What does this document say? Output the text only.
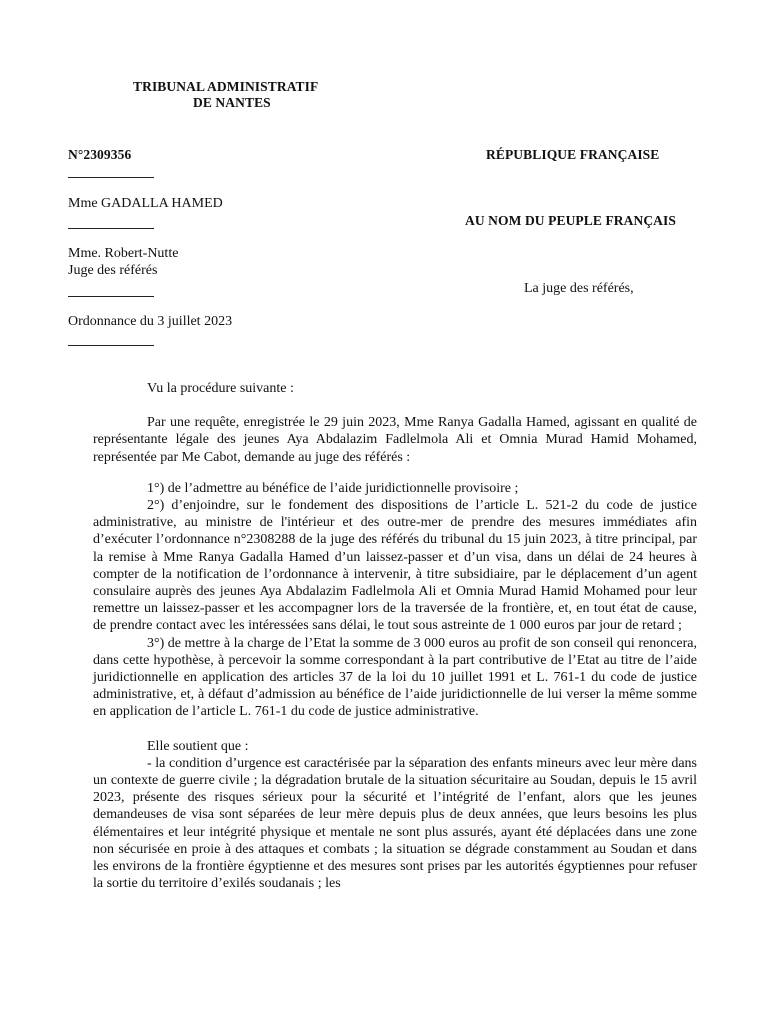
TRIBUNAL ADMINISTRATIF
DE NANTES
N°2309356	RÉPUBLIQUE FRANÇAISE
Mme GADALLA HAMED
AU NOM DU PEUPLE FRANÇAIS
Mme. Robert-Nutte
Juge des référés
La juge des référés,
Ordonnance du 3 juillet 2023

Vu la procédure suivante :

Par une requête, enregistrée le 29 juin 2023, Mme Ranya Gadalla Hamed, agissant en qualité de représentante légale des jeunes Aya Abdalazim Fadlelmola Ali et Omnia Murad Hamid Mohamed, représentée par Me Cabot, demande au juge des référés :

1°) de l’admettre au bénéfice de l’aide juridictionnelle provisoire ;

2°) d’enjoindre, sur le fondement des dispositions de l’article L. 521-2 du code de justice administrative, au ministre de l'intérieur et des outre-mer de prendre des mesures immédiates afin d’exécuter l’ordonnance n°2308288 de la juge des référés du tribunal du 15 juin 2023, à titre principal, par la remise à Mme Ranya Gadalla Hamed d’un laissez-passer et d’un visa, dans un délai de 24 heures à compter de la notification de l’ordonnance à intervenir, à titre subsidiaire, par le déplacement d’un agent consulaire auprès des jeunes Aya Abdalazim Fadlelmola Ali et Omnia Murad Hamid Mohamed pour leur remettre un laissez-passer et les accompagner lors de la traversée de la frontière, et, en tout état de cause, de prendre contact avec les intéressées sans délai, le tout sous astreinte de 1 000 euros par jour de retard ;

3°) de mettre à la charge de l’Etat la somme de 3 000 euros au profit de son conseil qui renoncera, dans cette hypothèse, à percevoir la somme correspondant à la part contributive de l’Etat au titre de l’aide juridictionnelle en application des articles 37 de la loi du 10 juillet 1991 et L. 761-1 du code de justice administrative, et, à défaut d’admission au bénéfice de l’aide juridictionnelle de lui verser la même somme en application de l’article L. 761-1 du code de justice administrative.

Elle soutient que :

- la condition d’urgence est caractérisée par la séparation des enfants mineurs avec leur mère dans un contexte de guerre civile ; la dégradation brutale de la situation sécuritaire au Soudan, depuis le 15 avril 2023, présente des risques sérieux pour la sécurité et l’intégrité de l’enfant, alors que les jeunes demandeuses de visa sont séparées de leur mère depuis plus de deux années, que leurs besoins les plus élémentaires et leur intégrité physique et mentale ne sont plus assurés, ayant été déplacées dans une zone non sécurisée en proie à des attaques et combats ; la situation se dégrade constamment au Soudan et dans les environs de la frontière égyptienne et des mesures sont prises par les autorités égyptiennes pour refuser la sortie du territoire d’exilés soudanais ; les
